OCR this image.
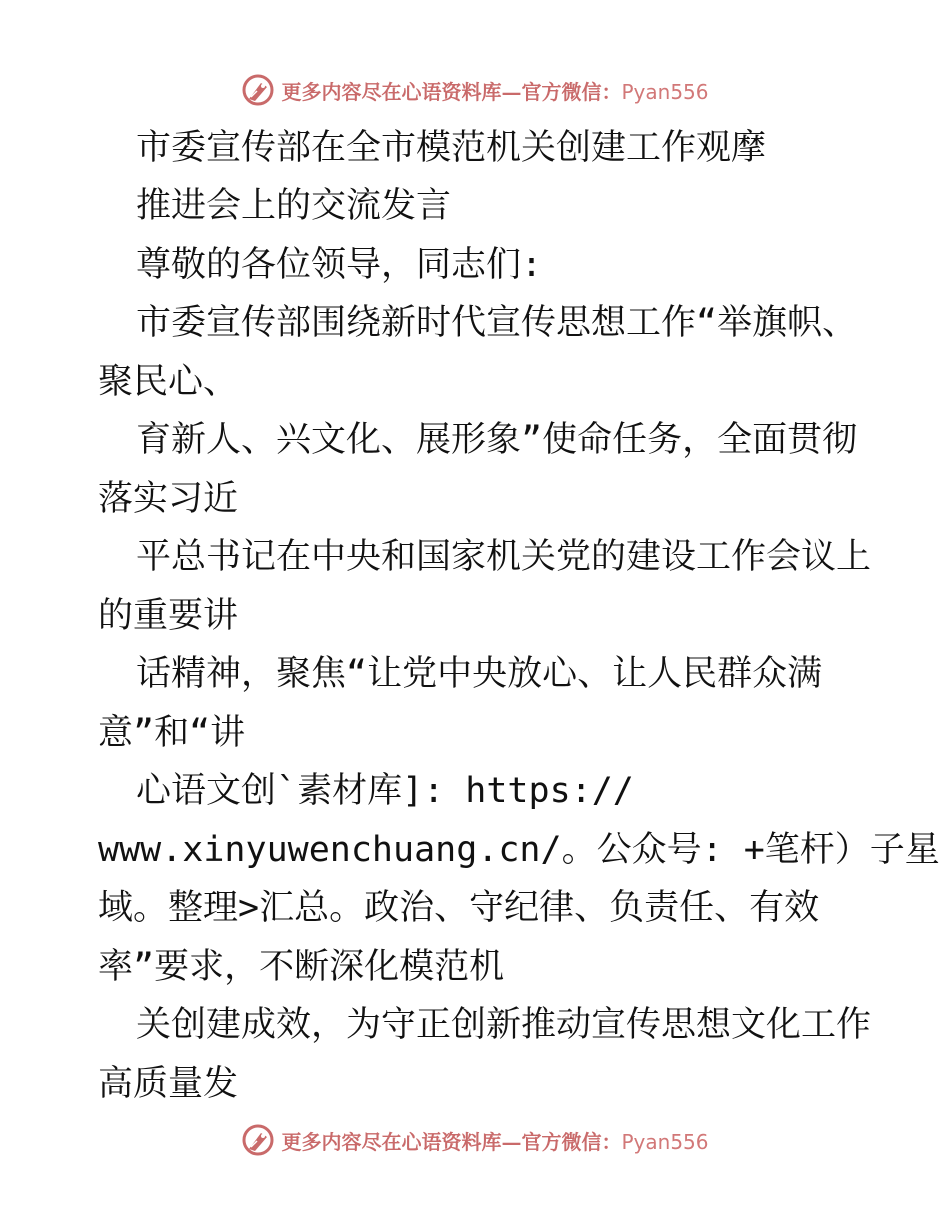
更多内容尽在心语资料库—官方微信：Pyan556
市委宣传部在全市模范机关创建工作观摩
推进会上的交流发言
尊敬的各位领导，同志们:
市委宣传部围绕新时代宣传思想工作“举旗帜、
聚民心、
育新人、兴文化、展形象”使命任务，全面贯彻
落实习近
平总书记在中央和国家机关党的建设工作会议上
的重要讲
话精神，聚焦“让党中央放心、让人民群众满
意”和“讲
心语文创`素材库]: https://
www.xinyuwenchuang.cn/。公众号: +笔杆）子星
域。整理>汇总。政治、守纪律、负责任、有效
率”要求，不断深化模范机
关创建成效，为守正创新推动宣传思想文化工作
高质量发
更多内容尽在心语资料库—官方微信：Pyan556
